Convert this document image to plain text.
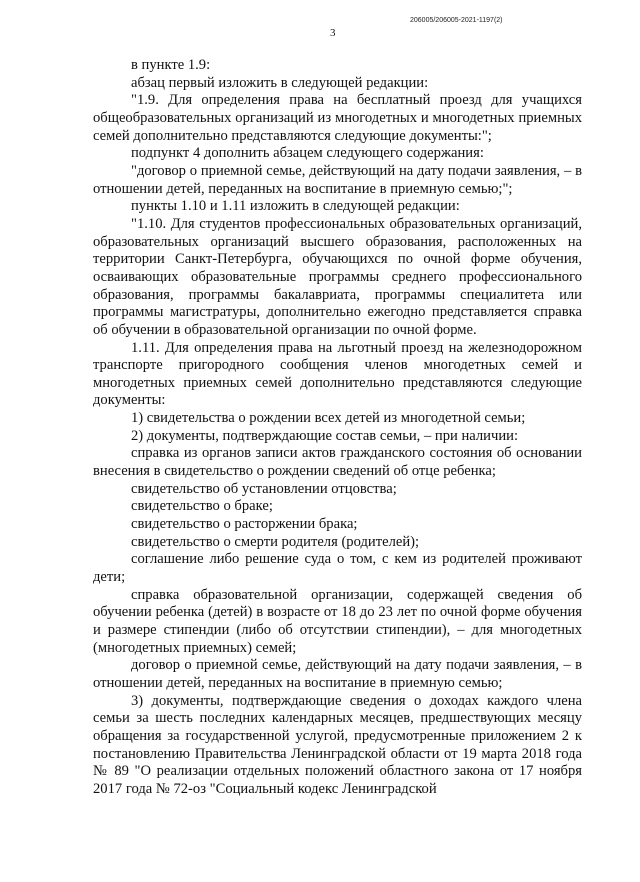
206005/206005-2021-1197(2)
3

в пункте 1.9:

абзац первый изложить в следующей редакции:

"1.9. Для определения права на бесплатный проезд для учащихся общеобразовательных организаций из многодетных и многодетных приемных семей дополнительно представляются следующие документы:";

подпункт 4 дополнить абзацем следующего содержания:

"договор о приемной семье, действующий на дату подачи заявления, – в отношении детей, переданных на воспитание в приемную семью;";

пункты 1.10 и 1.11 изложить в следующей редакции:

"1.10. Для студентов профессиональных образовательных организаций, образовательных организаций высшего образования, расположенных на территории Санкт-Петербурга, обучающихся по очной форме обучения, осваивающих образовательные программы среднего профессионального образования, программы бакалавриата, программы специалитета или программы магистратуры, дополнительно ежегодно представляется справка об обучении в образовательной организации по очной форме.

1.11. Для определения права на льготный проезд на железнодорожном транспорте пригородного сообщения членов многодетных семей и многодетных приемных семей дополнительно представляются следующие документы:

1) свидетельства о рождении всех детей из многодетной семьи;

2) документы, подтверждающие состав семьи, – при наличии:

справка из органов записи актов гражданского состояния об основании внесения в свидетельство о рождении сведений об отце ребенка;

свидетельство об установлении отцовства;

свидетельство о браке;

свидетельство о расторжении брака;

свидетельство о смерти родителя (родителей);

соглашение либо решение суда о том, с кем из родителей проживают дети;

справка образовательной организации, содержащей сведения об обучении ребенка (детей) в возрасте от 18 до 23 лет по очной форме обучения и размере стипендии (либо об отсутствии стипендии), – для многодетных (многодетных приемных) семей;

договор о приемной семье, действующий на дату подачи заявления, – в отношении детей, переданных на воспитание в приемную семью;

3) документы, подтверждающие сведения о доходах каждого члена семьи за шесть последних календарных месяцев, предшествующих месяцу обращения за государственной услугой, предусмотренные приложением 2 к постановлению Правительства Ленинградской области от 19 марта 2018 года № 89 "О реализации отдельных положений областного закона от 17 ноября 2017 года № 72-оз "Социальный кодекс Ленинградской
